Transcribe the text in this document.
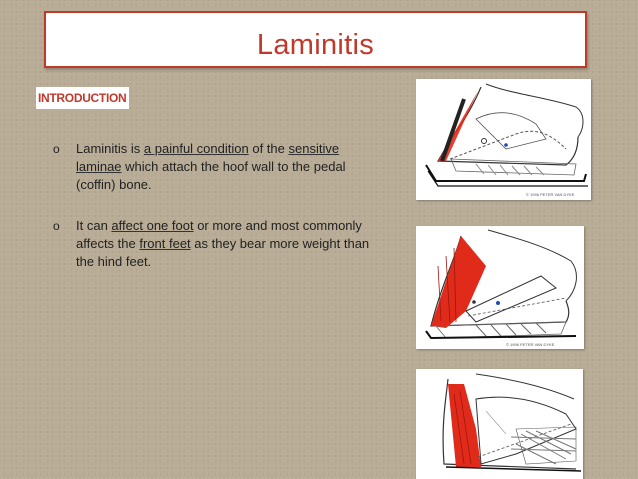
Laminitis
INTRODUCTION
o Laminitis is a painful condition of the sensitive laminae which attach the hoof wall to the pedal (coffin) bone.
o It can affect one foot or more and most commonly affects the front feet as they bear more weight than the hind feet.
© 1996 PETER VAN DYKE
© 1996 PETER VAN DYKE
